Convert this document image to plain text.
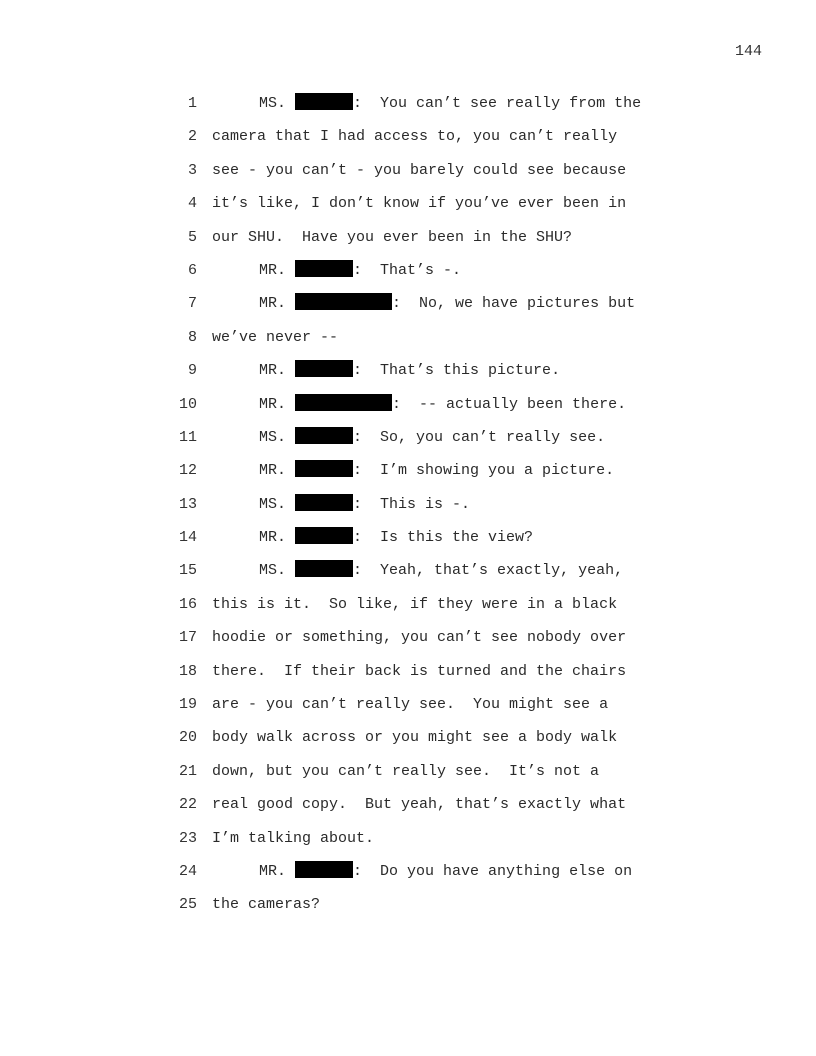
144
1	MS.	:  You can’t see really from the
2 camera that I had access to, you can’t really
3 see - you can’t - you barely could see because
4 it’s like, I don’t know if you’ve ever been in
5 our SHU.  Have you ever been in the SHU?
6	MR.	:  That’s -.
7	MR.	:  No, we have pictures but
8 we’ve never --
9	MR.	:  That’s this picture.
10	MR.	:  -- actually been there.
11	MS.	:  So, you can’t really see.
12	MR.	:  I’m showing you a picture.
13	MS.	:  This is -.
14	MR.	:  Is this the view?
15	MS.	:  Yeah, that’s exactly, yeah,
16 this is it.  So like, if they were in a black
17 hoodie or something, you can’t see nobody over
18 there.  If their back is turned and the chairs
19 are - you can’t really see.  You might see a
20 body walk across or you might see a body walk
21 down, but you can’t really see.  It’s not a
22 real good copy.  But yeah, that’s exactly what
23 I’m talking about.
24	MR.	:  Do you have anything else on
25 the cameras?
